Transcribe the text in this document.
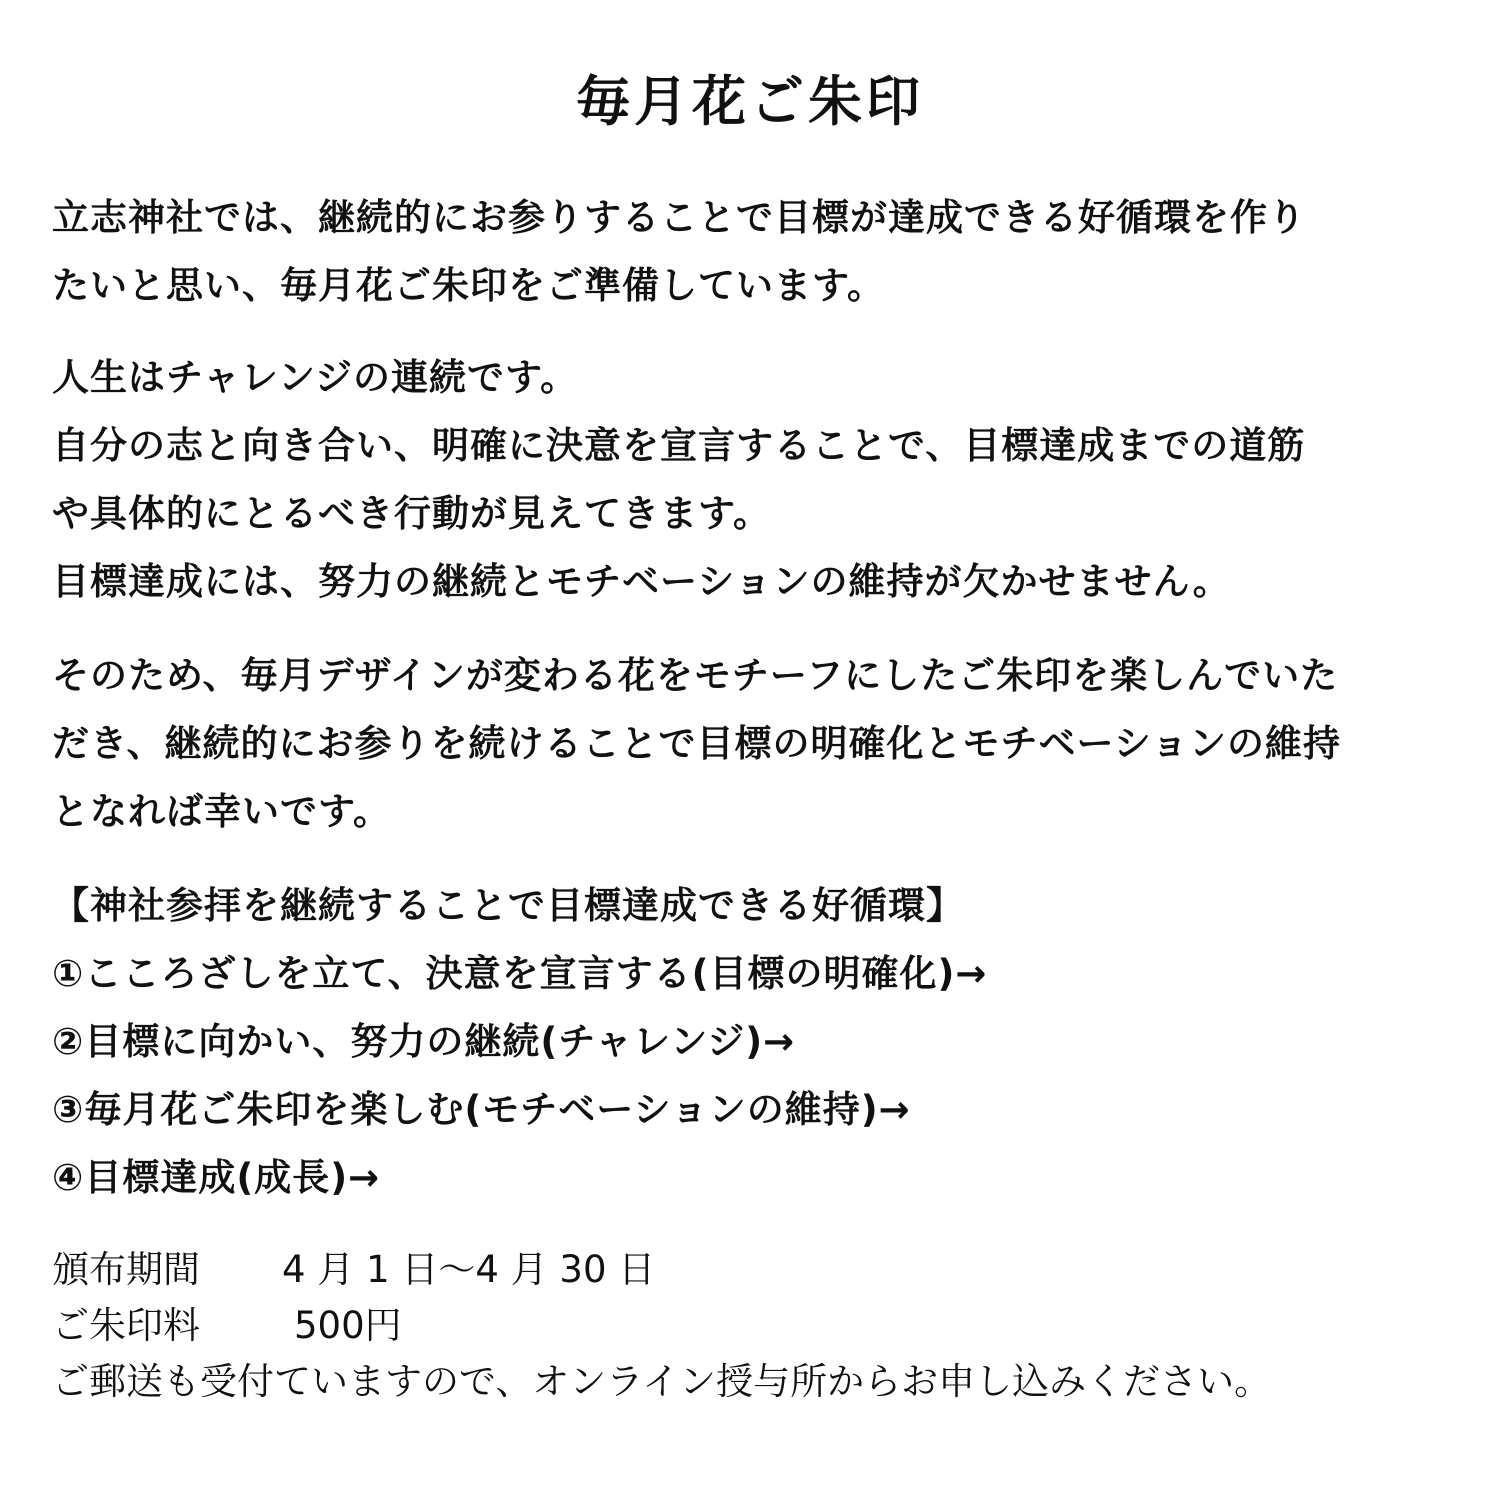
毎月花ご朱印
立志神社では、継続的にお参りすることで目標が達成できる好循環を作り
たいと思い、毎月花ご朱印をご準備しています。
人生はチャレンジの連続です。
自分の志と向き合い、明確に決意を宣言することで、目標達成までの道筋
や具体的にとるべき行動が見えてきます。
目標達成には、努力の継続とモチベーションの維持が欠かせません。
そのため、毎月デザインが変わる花をモチーフにしたご朱印を楽しんでいた
だき、継続的にお参りを続けることで目標の明確化とモチベーションの維持
となれば幸いです。
【神社参拝を継続することで目標達成できる好循環】
①こころざしを立て、決意を宣言する(目標の明確化)→
②目標に向かい、努力の継続(チャレンジ)→
③毎月花ご朱印を楽しむ(モチベーションの維持)→
④目標達成(成長)→
頒布期間 4 月 1 日～4 月 30 日
ご朱印料	500円
ご郵送も受付ていますので、オンライン授与所からお申し込みください。
